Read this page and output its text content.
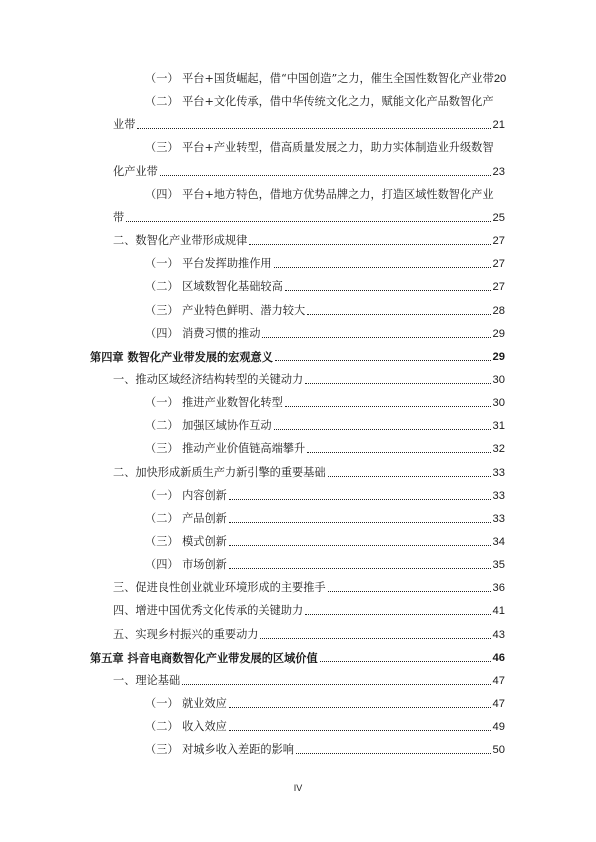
（一） 平台+国货崛起，借“中国创造”之力，催生全国性数智化产业带 20
（二） 平台+文化传承，借中华传统文化之力，赋能文化产品数智化产
业带	21
（三） 平台+产业转型，借高质量发展之力，助力实体制造业升级数智
化产业带	23
（四） 平台+地方特色，借地方优势品牌之力，打造区域性数智化产业
带	25
二、数智化产业带形成规律	27
（一） 平台发挥助推作用	27
（二） 区域数智化基础较高	27
（三） 产业特色鲜明、潜力较大	28
（四） 消费习惯的推动	29
第四章 数智化产业带发展的宏观意义	29
一、推动区域经济结构转型的关键动力	30
（一） 推进产业数智化转型	30
（二） 加强区域协作互动	31
（三） 推动产业价值链高端攀升	32
二、加快形成新质生产力新引擎的重要基础	33
（一） 内容创新	33
（二） 产品创新	33
（三） 模式创新	34
（四） 市场创新	35
三、促进良性创业就业环境形成的主要推手	36
四、增进中国优秀文化传承的关键助力	41
五、实现乡村振兴的重要动力	43
第五章 抖音电商数智化产业带发展的区域价值	46
一、理论基础	47
（一） 就业效应	47
（二） 收入效应	49
（三） 对城乡收入差距的影响	50
IV
